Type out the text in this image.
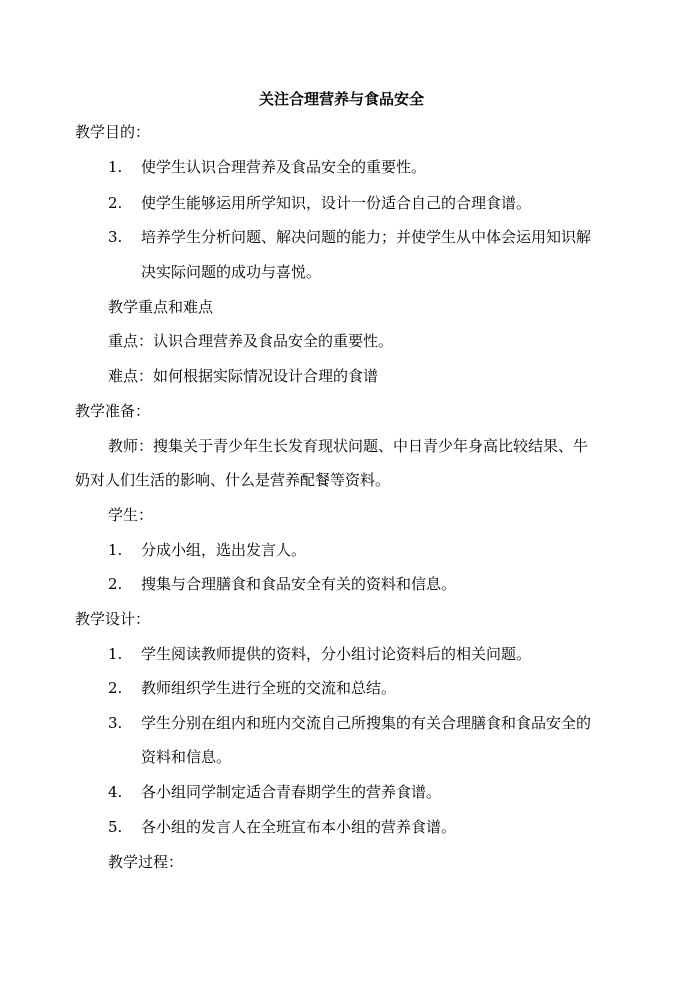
关注合理营养与食品安全
教学目的：
1. 使学生认识合理营养及食品安全的重要性。
2. 使学生能够运用所学知识，设计一份适合自己的合理食谱。
3. 培养学生分析问题、解决问题的能力；并使学生从中体会运用知识解
决实际问题的成功与喜悦。
教学重点和难点
重点：认识合理营养及食品安全的重要性。
难点：如何根据实际情况设计合理的食谱
教学准备：
教师：搜集关于青少年生长发育现状问题、中日青少年身高比较结果、牛
奶对人们生活的影响、什么是营养配餐等资料。
学生：
1. 分成小组，选出发言人。
2. 搜集与合理膳食和食品安全有关的资料和信息。
教学设计：
1. 学生阅读教师提供的资料，分小组讨论资料后的相关问题。
2. 教师组织学生进行全班的交流和总结。
3. 学生分别在组内和班内交流自己所搜集的有关合理膳食和食品安全的
资料和信息。
4. 各小组同学制定适合青春期学生的营养食谱。
5. 各小组的发言人在全班宣布本小组的营养食谱。
教学过程：
